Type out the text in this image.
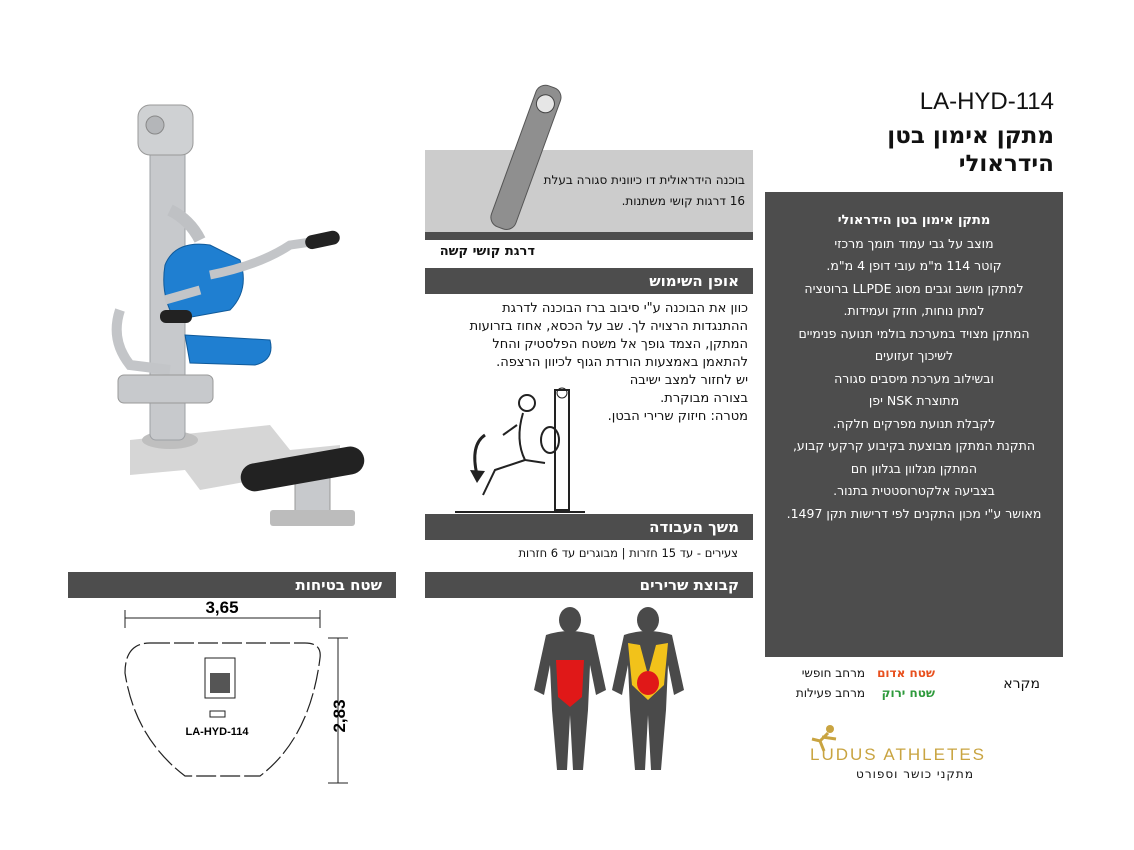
LA-HYD-114
מתקן אימון בטן הידראולי
בוכנה הידראולית דו כיוונית סגורה בעלת 16 דרגות קושי משתנות.
דרגת קושי קשה
אופן השימוש
כוון את הבוכנה ע"י סיבוב ברז הבוכנה לדרגת
ההתנגדות הרצויה לך. שב על הכסא, אחוז בזרועות
המתקן, הצמד גופך אל משטח הפלסטיק והחל
להתאמן באמצעות הורדת הגוף לכיוון הרצפה.
יש לחזור למצב ישיבה
בצורה מבוקרת.
מטרה: חיזוק שרירי הבטן.
משך העבודה
צעירים - עד 15 חזרות | מבוגרים עד 6 חזרות
קבוצת שרירים
שטח בטיחות
3,65
2,83
LA-HYD-114
מתקן אימון בטן הידראולי
מוצב על גבי עמוד תומך מרכזי
קוטר 114 מ"מ עובי דופן 4 מ"מ.
למתקן מושב וגבים מסוג LLPDE ברוטציה
למתן נוחות, חוזק ועמידות.
המתקן מצויד במערכת בולמי תנועה פנימיים
לשיכוך זעזועים
ובשילוב מערכת מיסבים סגורה
מתוצרת NSK יפן
לקבלת תנועת מפרקים חלקה.
התקנת המתקן מבוצעת בקיבוע קרקעי קבוע,
המתקן מגלוון בגלוון חם
בצביעה אלקטרוסטטית בתנור.
מאושר ע"י מכון התקנים לפי דרישות תקן 1497.
מקרא
שטח אדום
מרחב חופשי
שטח ירוק
מרחב פעילות
LUDUS ATHLETES
מתקני כושר וספורט
